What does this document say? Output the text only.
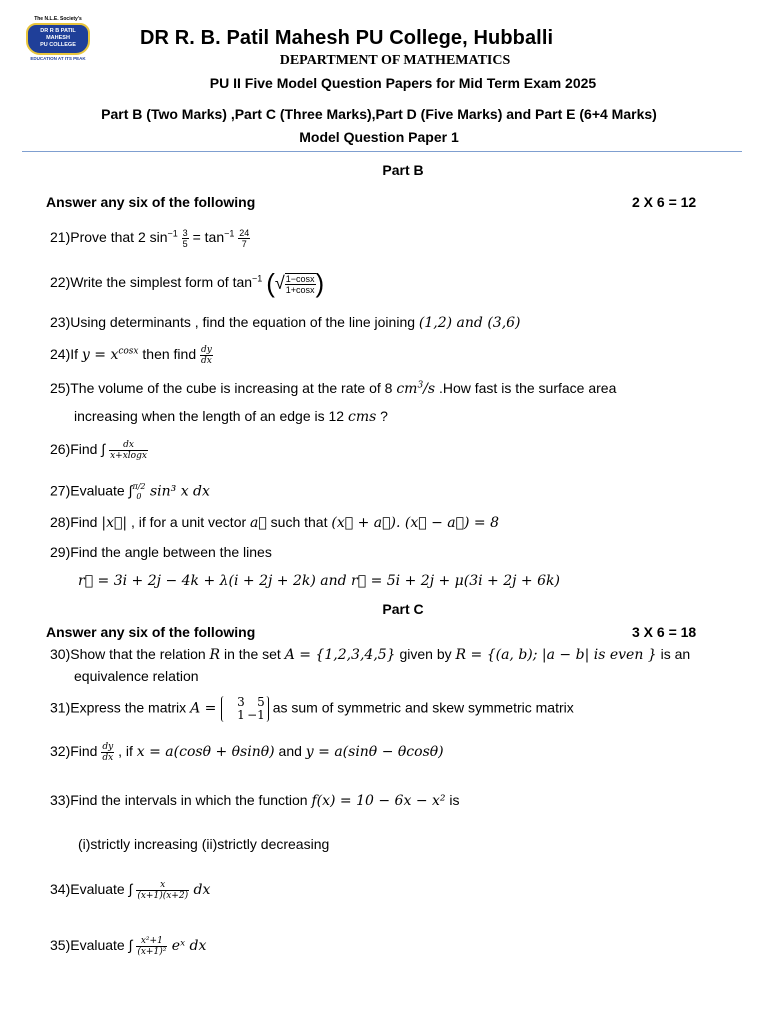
The N.L.E. Society's
DR R B PATIL
MAHESH
PU COLLEGE
EDUCATION AT ITS PEAK
DR R. B. Patil Mahesh PU College, Hubballi
DEPARTMENT OF MATHEMATICS
PU II Five Model Question Papers for Mid Term Exam 2025
Part B (Two Marks) ,Part C (Three Marks),Part D (Five Marks) and Part E (6+4 Marks)
Model Question Paper 1
Part B
Answer any six of the following	2 X 6 = 12
21)Prove that 2 $\sin^{-1} \frac{3}{5} = \tan^{-1} \frac{24}{7}$
22)Write the simplest form of $\tan^{-1}$ (√ $\frac{1-\cos x}{1+\cos x}$ )
23)Using determinants , find the equation of the line joining (1,2) and (3,6)
24)If $y = x^{cosx}$ then find $\frac{dy}{dx}$
25)The volume of the cube is increasing at the rate of 8 $cm^3/s$ .How fast is the surface area
increasing when the length of an edge is 12 cms ?
26)Find ∫ $\frac{dx}{x+xlogx}$
27)Evaluate ∫π/2
0 sin³ x dx
28)Find |x⃗| , if for a unit vector a⃗ such that (x⃗ + a⃗). (x⃗ − a⃗) = 8
29)Find the angle between the lines
r⃗ = 3i + 2j − 4k + λ(i + 2j + 2k) and r⃗ = 5i + 2j + μ(3i + 2j + 6k)
Part C
Answer any six of the following	3 X 6 = 18
30)Show that the relation R in the set A = {1,2,3,4,5} given by R = {(a, b); |a − b| is even } is an
equivalence relation
31)Express the matrix A = 3 5
1 −1 as sum of symmetric and skew symmetric matrix
32)Find $\frac{dy}{dx}$ , if x = a(cosθ + θsinθ) and y = a(sinθ − θcosθ)
33)Find the intervals in which the function f(x) = 10 − 6x − x² is
(i)strictly increasing (ii)strictly decreasing
34)Evaluate ∫ $\frac{x}{(x+1)(x+2)}$ dx
35)Evaluate ∫ $\frac{\text{x²+1}}{\text{(x+1)²}}$ eˣ dx
